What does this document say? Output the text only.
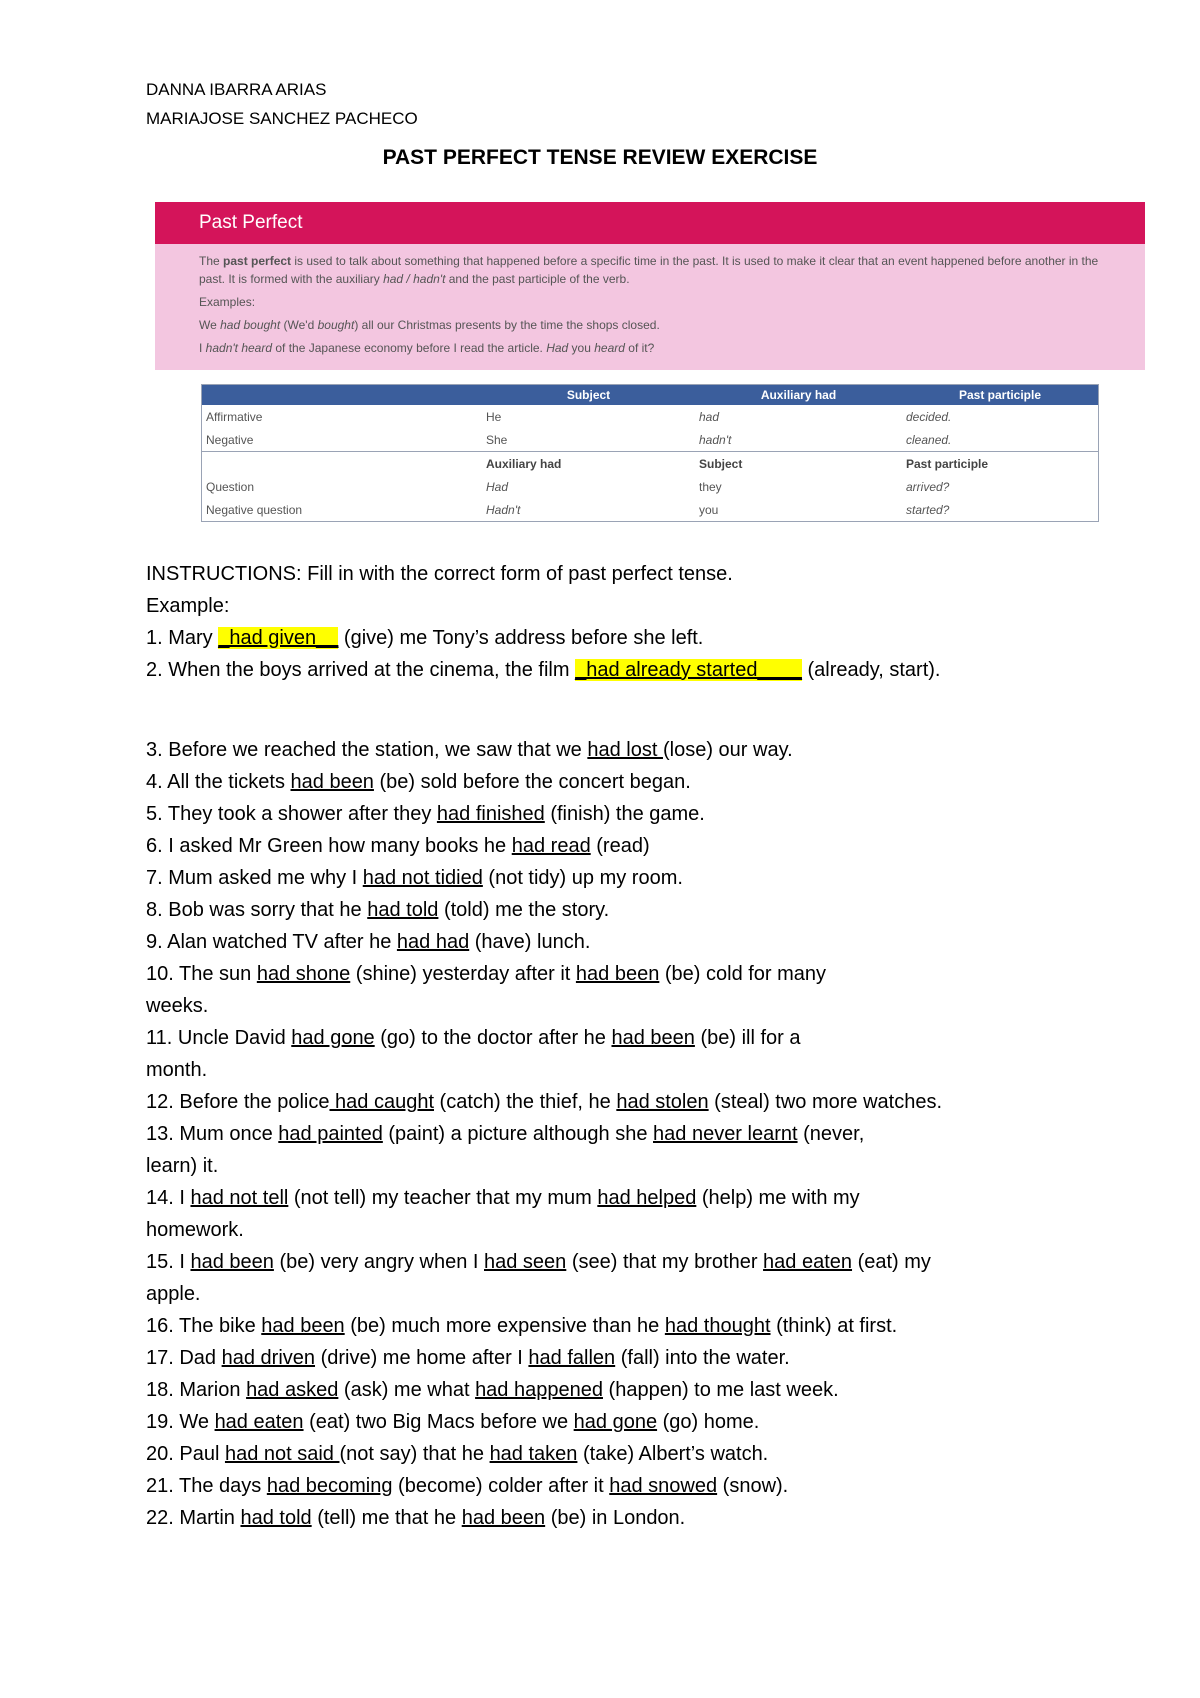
DANNA IBARRA ARIAS
MARIAJOSE SANCHEZ PACHECO
PAST PERFECT TENSE REVIEW EXERCISE
Past Perfect

The past perfect is used to talk about something that happened before a specific time in the past. It is used to make it clear that an event happened before another in the past. It is formed with the auxiliary had / hadn't and the past participle of the verb.

Examples:

We had bought (We'd bought) all our Christmas presents by the time the shops closed.

I hadn't heard of the Japanese economy before I read the article. Had you heard of it?

	Subject	Auxiliary had	Past participle
Affirmative	He	had	decided.
Negative	She	hadn't	cleaned.
	Auxiliary had	Subject	Past participle
Question	Had	they	arrived?
Negative question	Hadn't	you	started?
INSTRUCTIONS: Fill in with the correct form of past perfect tense.
Example:
1. Mary _had given__ (give) me Tony’s address before she left.
2. When the boys arrived at the cinema, the film _had already started____ (already, start).
3. Before we reached the station, we saw that we had lost (lose) our way.
4. All the tickets had been (be) sold before the concert began.
5. They took a shower after they had finished (finish) the game.
6. I asked Mr Green how many books he had read (read)
7. Mum asked me why I had not tidied (not tidy) up my room.
8. Bob was sorry that he had told (told) me the story.
9. Alan watched TV after he had had (have) lunch.
10. The sun had shone (shine) yesterday after it had been (be) cold for many
weeks.
11. Uncle David had gone (go) to the doctor after he had been (be) ill for a
month.
12. Before the police had caught (catch) the thief, he had stolen (steal) two more watches.
13. Mum once had painted (paint) a picture although she had never learnt (never,
learn) it.
14. I had not tell (not tell) my teacher that my mum had helped (help) me with my
homework.
15. I had been (be) very angry when I had seen (see) that my brother had eaten (eat) my
apple.
16. The bike had been (be) much more expensive than he had thought (think) at first.
17. Dad had driven (drive) me home after I had fallen (fall) into the water.
18. Marion had asked (ask) me what had happened (happen) to me last week.
19. We had eaten (eat) two Big Macs before we had gone (go) home.
20. Paul had not said (not say) that he had taken (take) Albert’s watch.
21. The days had becoming (become) colder after it had snowed (snow).
22. Martin had told (tell) me that he had been (be) in London.
